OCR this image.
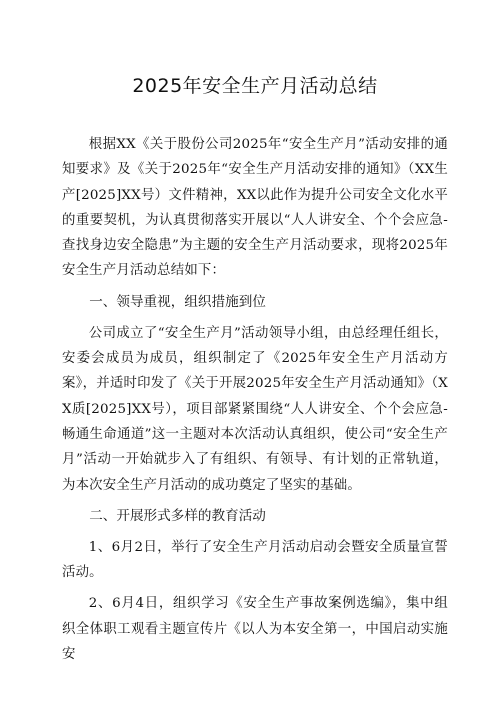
2025年安全生产月活动总结

根据XX《关于股份公司2025年“安全生产月”活动安排的通知要求》及《关于2025年“安全生产月活动安排的通知》（XX生产[2025]XX号）文件精神，XX以此作为提升公司安全文化水平的重要契机，为认真贯彻落实开展以“人人讲安全、个个会应急-查找身边安全隐患”为主题的安全生产月活动要求，现将2025年安全生产月活动总结如下：

一、领导重视，组织措施到位

公司成立了“安全生产月”活动领导小组，由总经理任组长，安委会成员为成员，组织制定了《2025年安全生产月活动方案》，并适时印发了《关于开展2025年安全生产月活动通知》（XX质[2025]XX号），项目部紧紧围绕“人人讲安全、个个会应急-畅通生命通道”这一主题对本次活动认真组织，使公司“安全生产月”活动一开始就步入了有组织、有领导、有计划的正常轨道，为本次安全生产月活动的成功奠定了坚实的基础。

二、开展形式多样的教育活动

1、6月2日，举行了安全生产月活动启动会暨安全质量宣誓活动。

2、6月4日，组织学习《安全生产事故案例选编》，集中组织全体职工观看主题宣传片《以人为本安全第一，中国启动实施安
